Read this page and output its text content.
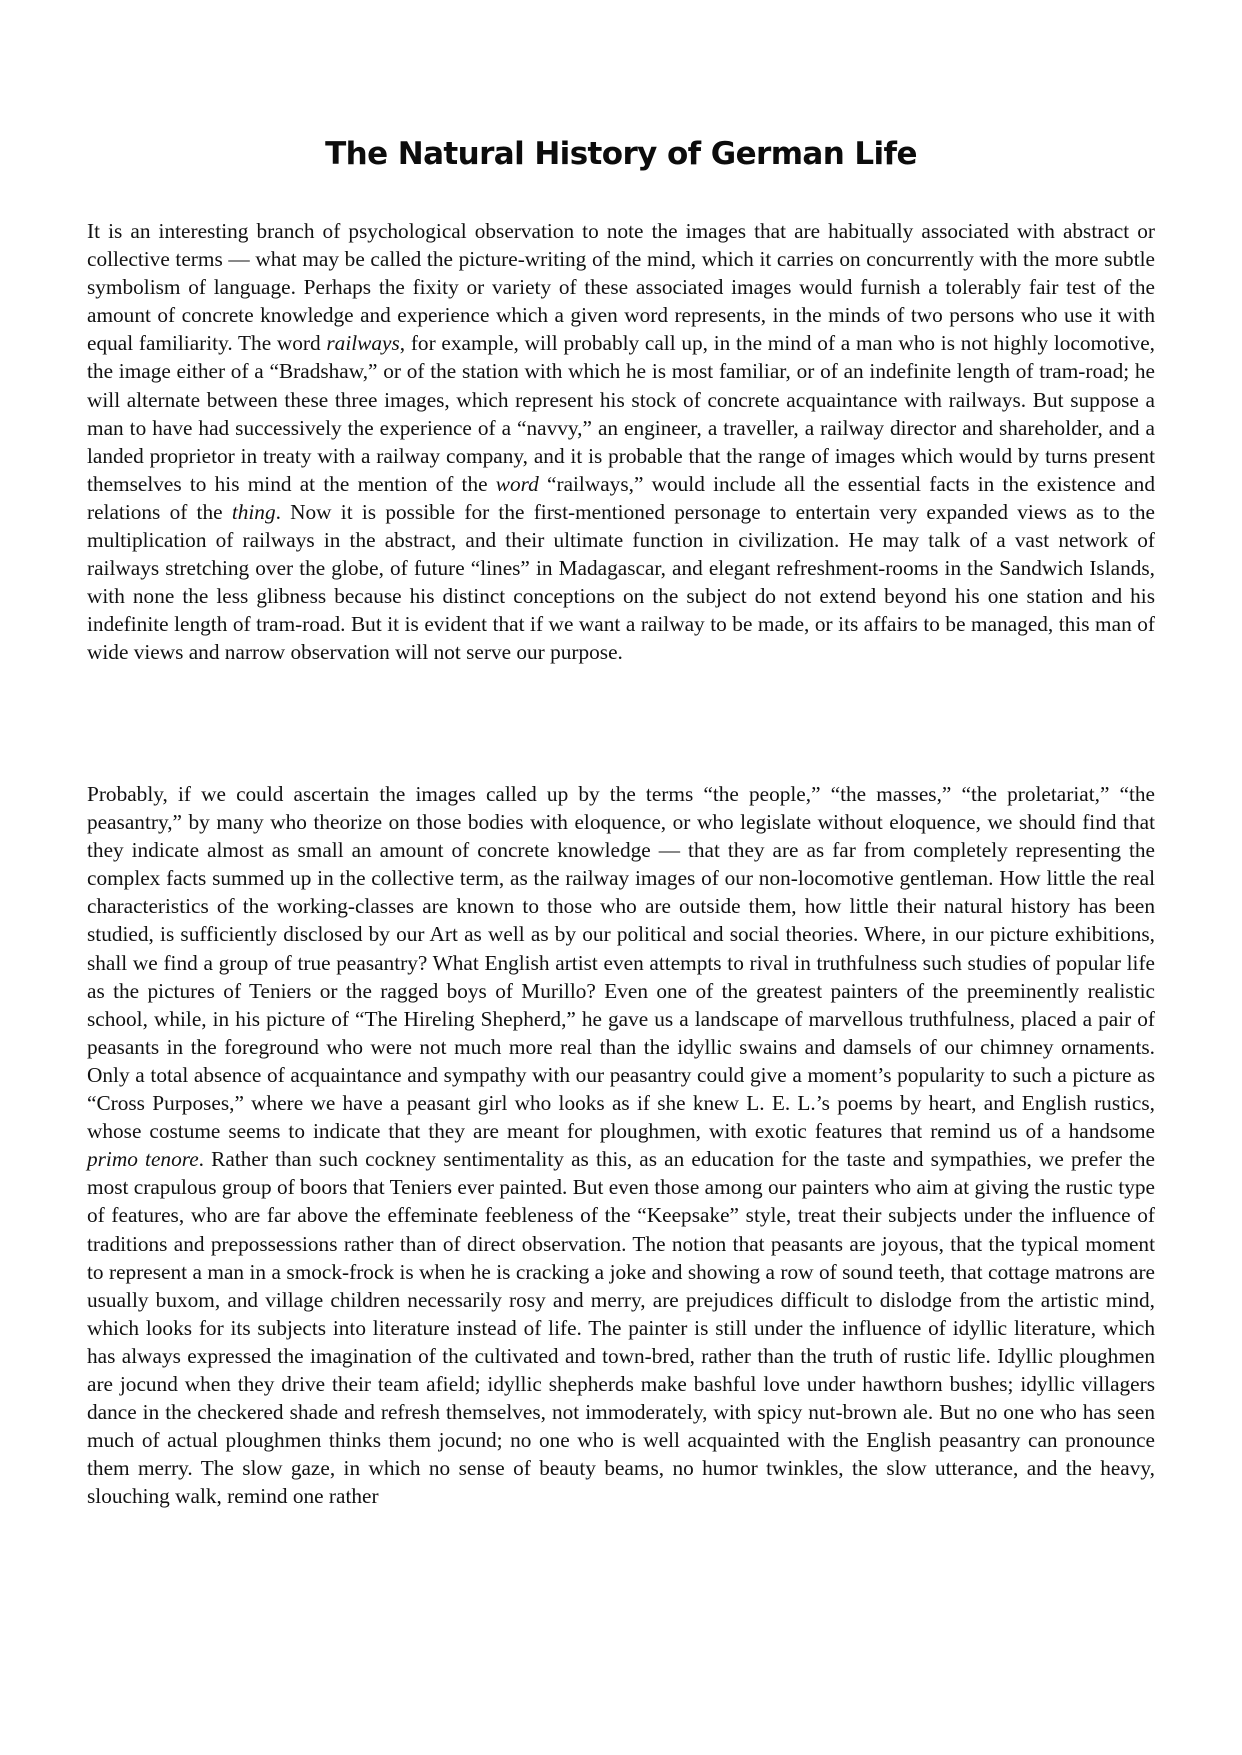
The Natural History of German Life

It is an interesting branch of psychological observation to note the images that are habitually associated with abstract or collective terms — what may be called the picture-writing of the mind, which it carries on concurrently with the more subtle symbolism of language. Perhaps the fixity or variety of these associated images would furnish a tolerably fair test of the amount of concrete knowledge and experience which a given word represents, in the minds of two persons who use it with equal familiarity. The word railways, for example, will probably call up, in the mind of a man who is not highly locomotive, the image either of a “Bradshaw,” or of the station with which he is most familiar, or of an indefinite length of tram-road; he will alternate between these three images, which represent his stock of concrete acquaintance with railways. But suppose a man to have had successively the experience of a “navvy,” an engineer, a traveller, a railway director and shareholder, and a landed proprietor in treaty with a railway company, and it is probable that the range of images which would by turns present themselves to his mind at the mention of the word “railways,” would include all the essential facts in the existence and relations of the thing. Now it is possible for the first-mentioned personage to entertain very expanded views as to the multiplication of railways in the abstract, and their ultimate function in civilization. He may talk of a vast network of railways stretching over the globe, of future “lines” in Madagascar, and elegant refreshment-rooms in the Sandwich Islands, with none the less glibness because his distinct conceptions on the subject do not extend beyond his one station and his indefinite length of tram-road. But it is evident that if we want a railway to be made, or its affairs to be managed, this man of wide views and narrow observation will not serve our purpose.

Probably, if we could ascertain the images called up by the terms “the people,” “the masses,” “the proletariat,” “the peasantry,” by many who theorize on those bodies with eloquence, or who legislate without eloquence, we should find that they indicate almost as small an amount of concrete knowledge — that they are as far from completely representing the complex facts summed up in the collective term, as the railway images of our non-locomotive gentleman. How little the real characteristics of the working-classes are known to those who are outside them, how little their natural history has been studied, is sufficiently disclosed by our Art as well as by our political and social theories. Where, in our picture exhibitions, shall we find a group of true peasantry? What English artist even attempts to rival in truthfulness such studies of popular life as the pictures of Teniers or the ragged boys of Murillo? Even one of the greatest painters of the preeminently realistic school, while, in his picture of “The Hireling Shepherd,” he gave us a landscape of marvellous truthfulness, placed a pair of peasants in the foreground who were not much more real than the idyllic swains and damsels of our chimney ornaments. Only a total absence of acquaintance and sympathy with our peasantry could give a moment’s popularity to such a picture as “Cross Purposes,” where we have a peasant girl who looks as if she knew L. E. L.’s poems by heart, and English rustics, whose costume seems to indicate that they are meant for ploughmen, with exotic features that remind us of a handsome primo tenore. Rather than such cockney sentimentality as this, as an education for the taste and sympathies, we prefer the most crapulous group of boors that Teniers ever painted. But even those among our painters who aim at giving the rustic type of features, who are far above the effeminate feebleness of the “Keepsake” style, treat their subjects under the influence of traditions and prepossessions rather than of direct observation. The notion that peasants are joyous, that the typical moment to represent a man in a smock-frock is when he is cracking a joke and showing a row of sound teeth, that cottage matrons are usually buxom, and village children necessarily rosy and merry, are prejudices difficult to dislodge from the artistic mind, which looks for its subjects into literature instead of life. The painter is still under the influence of idyllic literature, which has always expressed the imagination of the cultivated and town-bred, rather than the truth of rustic life. Idyllic ploughmen are jocund when they drive their team afield; idyllic shepherds make bashful love under hawthorn bushes; idyllic villagers dance in the checkered shade and refresh themselves, not immoderately, with spicy nut-brown ale. But no one who has seen much of actual ploughmen thinks them jocund; no one who is well acquainted with the English peasantry can pronounce them merry. The slow gaze, in which no sense of beauty beams, no humor twinkles, the slow utterance, and the heavy, slouching walk, remind one rather
